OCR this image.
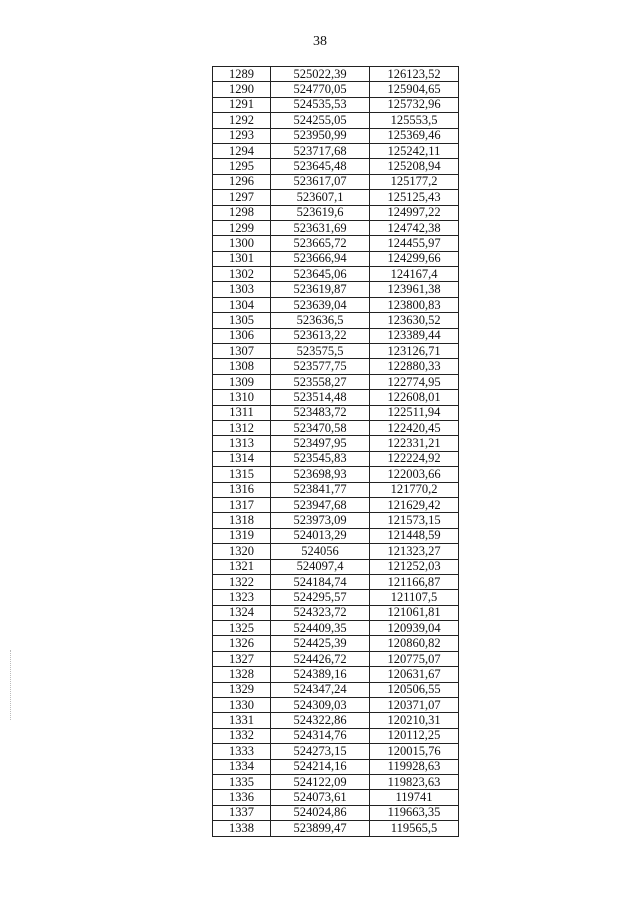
38
1289	525022,39	126123,52
1290	524770,05	125904,65
1291	524535,53	125732,96
1292	524255,05	125553,5
1293	523950,99	125369,46
1294	523717,68	125242,11
1295	523645,48	125208,94
1296	523617,07	125177,2
1297	523607,1	125125,43
1298	523619,6	124997,22
1299	523631,69	124742,38
1300	523665,72	124455,97
1301	523666,94	124299,66
1302	523645,06	124167,4
1303	523619,87	123961,38
1304	523639,04	123800,83
1305	523636,5	123630,52
1306	523613,22	123389,44
1307	523575,5	123126,71
1308	523577,75	122880,33
1309	523558,27	122774,95
1310	523514,48	122608,01
1311	523483,72	122511,94
1312	523470,58	122420,45
1313	523497,95	122331,21
1314	523545,83	122224,92
1315	523698,93	122003,66
1316	523841,77	121770,2
1317	523947,68	121629,42
1318	523973,09	121573,15
1319	524013,29	121448,59
1320	524056	121323,27
1321	524097,4	121252,03
1322	524184,74	121166,87
1323	524295,57	121107,5
1324	524323,72	121061,81
1325	524409,35	120939,04
1326	524425,39	120860,82
1327	524426,72	120775,07
1328	524389,16	120631,67
1329	524347,24	120506,55
1330	524309,03	120371,07
1331	524322,86	120210,31
1332	524314,76	120112,25
1333	524273,15	120015,76
1334	524214,16	119928,63
1335	524122,09	119823,63
1336	524073,61	119741
1337	524024,86	119663,35
1338	523899,47	119565,5
